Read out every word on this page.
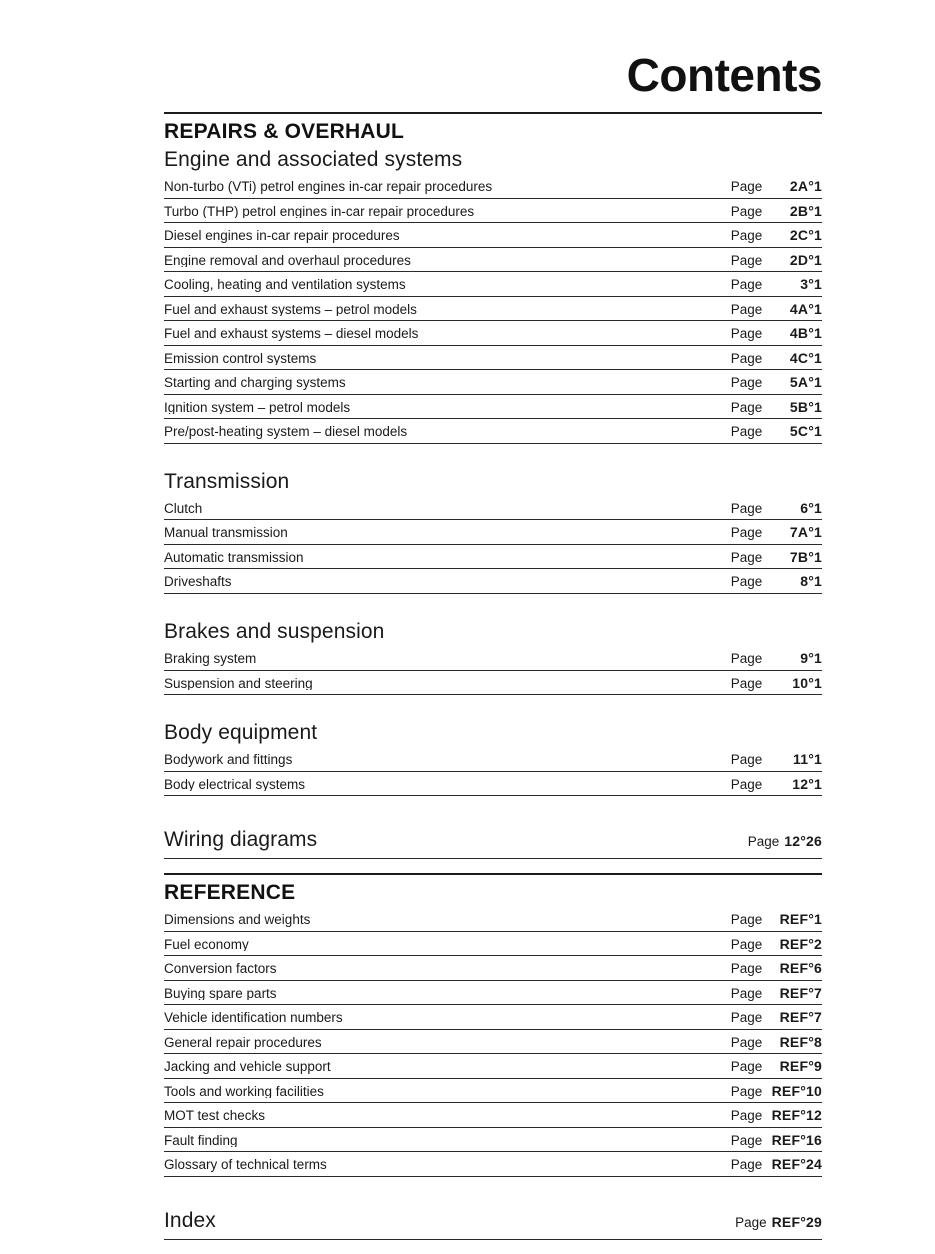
Contents
REPAIRS & OVERHAUL
Engine and associated systems
Non-turbo (VTi) petrol engines in-car repair procedures	Page 2A°1
Turbo (THP) petrol engines in-car repair procedures	Page 2B°1
Diesel engines in-car repair procedures	Page 2C°1
Engine removal and overhaul procedures	Page 2D°1
Cooling, heating and ventilation systems	Page	3°1
Fuel and exhaust systems – petrol models	Page 4A°1
Fuel and exhaust systems – diesel models	Page 4B°1
Emission control systems	Page 4C°1
Starting and charging systems	Page 5A°1
Ignition system – petrol models	Page 5B°1
Pre/post-heating system – diesel models	Page 5C°1
Transmission
Clutch	Page	6°1
Manual transmission	Page 7A°1
Automatic transmission	Page 7B°1
Driveshafts	Page	8°1
Brakes and suspension
Braking system	Page	9°1
Suspension and steering	Page 10°1
Body equipment
Bodywork and fittings	Page 11°1
Body electrical systems	Page 12°1
Wiring diagrams	Page 12°26
REFERENCE
Dimensions and weights	Page REF°1
Fuel economy	Page REF°2
Conversion factors	Page REF°6
Buying spare parts	Page REF°7
Vehicle identification numbers	Page REF°7
General repair procedures	Page REF°8
Jacking and vehicle support	Page REF°9
Tools and working facilities	Page REF°10
MOT test checks	Page REF°12
Fault finding	Page REF°16
Glossary of technical terms	Page REF°24
Index	Page REF°29
